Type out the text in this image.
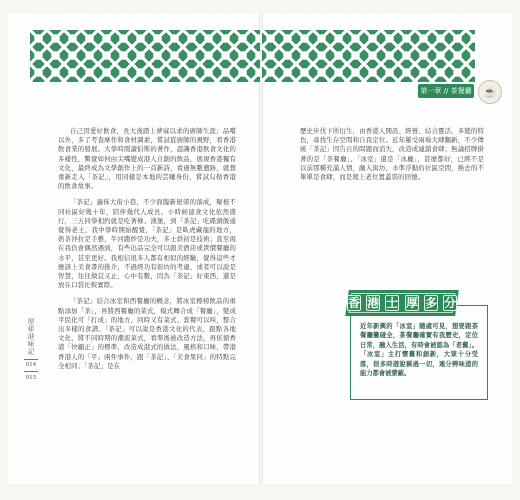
第一章 // 茶餐廳	☕

自己因愛好飲食，長大後踏上夢寐以求的廚師生涯；品嚐以外，多了考查摩作和食材調素，嘗試從廚師的視野，看香港飲食業的發展。大學時閱讀伯斯的著作，認識香港飲食文化的多樣性，驚覺如何由尖嘴變成港人自創的飲品，展現香港獨有文化，最終成為文學創作上的一首新詩，看過無數遺跡，就想重新走入「茶記」，用同樣是本地的芸曦身份，嘗試勾勒香港的飲食故事。

「茶記」遍佈大街小巷，不少面臨新屋邨的落成，聚根不同社區好幾十年，陪伴幾代人成長。小時候建食文化依然盛行，三五同學相約就是吃著條、漢堡，到「茶記」吃碟頭飯通覺得老土，我中學時開始醒覺，「茶記」是臥虎藏龍的地方，奶茶沖拉是手藝，牛河跑炒是功夫，多士烘初是技術；直至現在我仍會偶然遇到，有些出品完全可以跟美酒店或貴價餐廳的水平，甚至更好。我相信很多人都有相似的經驗，覺得這些才應該上美食書的推介，不過經功有街坊的考慮，或者可以說是智慧，往往做宜又止，心中有數，因為「茶記」好東西，還是放在口袋比較實際。

「茶記」結合冰室和西餐廳的概念，將冰室標榜飲品的重點添加「茶」，再將西餐廳的菜式，模式轉合成「餐廳」，變成平民化可「打成」的地方，同時又有菜式、套餐可以叫，整合出多樣的食譜。「茶記」可以說是香港文化的代表，跟點各地文化，將不同時期的潮流菜式，看準後被改造方法，再依循香港「快顧正」的標準，改造成港式的做法，風格和口味，帶港香港人的「平」兩件事件，跟「茶記」、「美食果同」的特點完全相同；「茶記」是在

歷史步伐下所衍生，由香港人開設、經營、結合靈活、多變的特色，尋找生存空間和自我定位。近年屢受兩場大肆翻新，不少傳統「茶記」因告自的問題而消失，改造成連鎖食肆；無論招牌掛著的是「茶餐廳」、「冰室」還是「冰廳」，甚麼都好，已經不是以前那種充滿人情，融入街坊，水準浮動的社區空間，換去的不單單是食肆，而是爬上老位置蓋裝的回憶。

屋邨港味記
014
015
香 港 士 厚 多 分

近年新興的「冰室」隨處可見，想要跟茶餐廳撇碰全，茶餐廳確實有我歷史，定位日常，融入生活，有時會被認為「老舊」。「冰室」主打懷舊和創新，大眾十分受落，很多時遊說稱過一切，連分辨味道的能力都會被蒙蔽。
